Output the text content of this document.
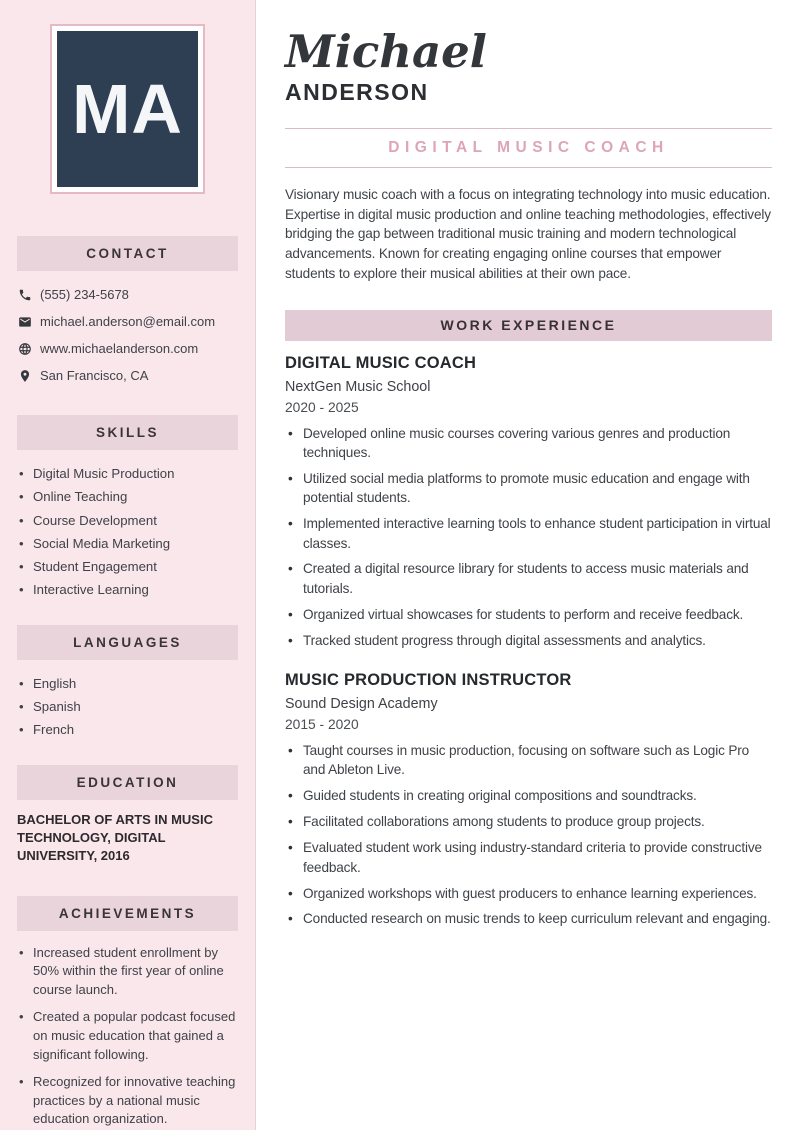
MA
CONTACT
(555) 234-5678
michael.anderson@email.com
www.michaelanderson.com
San Francisco, CA
SKILLS
• Digital Music Production
• Online Teaching
• Course Development
• Social Media Marketing
• Student Engagement
• Interactive Learning
LANGUAGES
• English
• Spanish
• French
EDUCATION
BACHELOR OF ARTS IN MUSIC TECHNOLOGY, DIGITAL UNIVERSITY, 2016
ACHIEVEMENTS
• Increased student enrollment by 50% within the first year of online course launch.
• Created a popular podcast focused on music education that gained a significant following.
• Recognized for innovative teaching practices by a national music education organization.
Michael
ANDERSON
DIGITAL MUSIC COACH

Visionary music coach with a focus on integrating technology into music education. Expertise in digital music production and online teaching methodologies, effectively bridging the gap between traditional music training and modern technological advancements. Known for creating engaging online courses that empower students to explore their musical abilities at their own pace.

WORK EXPERIENCE
DIGITAL MUSIC COACH
NextGen Music School
2020 - 2025
• Developed online music courses covering various genres and production techniques.
• Utilized social media platforms to promote music education and engage with potential students.
• Implemented interactive learning tools to enhance student participation in virtual classes.
• Created a digital resource library for students to access music materials and tutorials.
• Organized virtual showcases for students to perform and receive feedback.
• Tracked student progress through digital assessments and analytics.
MUSIC PRODUCTION INSTRUCTOR
Sound Design Academy
2015 - 2020
• Taught courses in music production, focusing on software such as Logic Pro and Ableton Live.
• Guided students in creating original compositions and soundtracks.
• Facilitated collaborations among students to produce group projects.
• Evaluated student work using industry-standard criteria to provide constructive feedback.
• Organized workshops with guest producers to enhance learning experiences.
• Conducted research on music trends to keep curriculum relevant and engaging.
